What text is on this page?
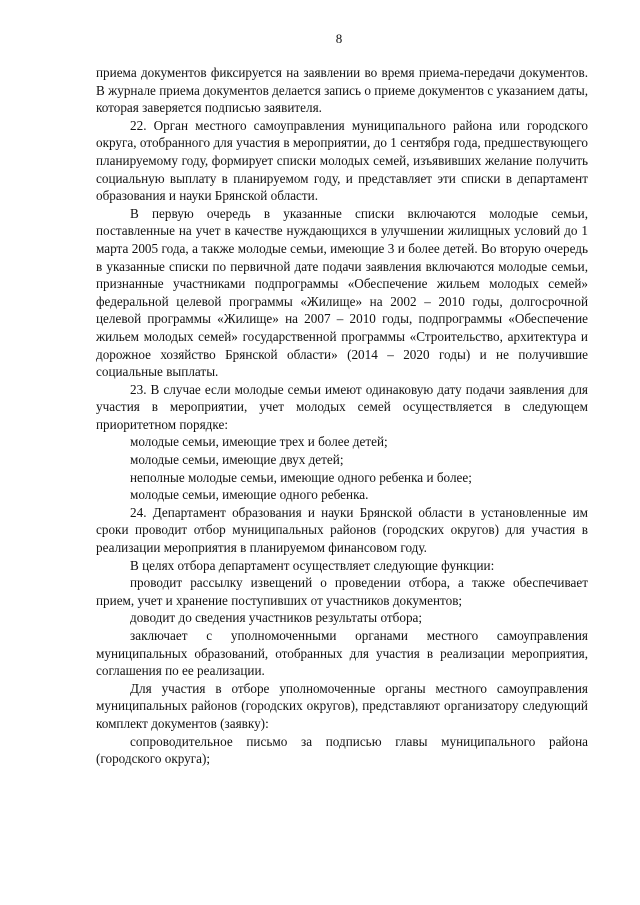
8

приема документов фиксируется на заявлении во время приема-передачи документов. В журнале приема документов делается запись о приеме документов с указанием даты, которая заверяется подписью заявителя.

22. Орган местного самоуправления муниципального района или городского округа, отобранного для участия в мероприятии, до 1 сентября года, предшествующего планируемому году, формирует списки молодых семей, изъявивших желание получить социальную выплату в планируемом году, и представляет эти списки в департамент образования и науки Брянской области.

В первую очередь в указанные списки включаются молодые семьи, поставленные на учет в качестве нуждающихся в улучшении жилищных условий до 1 марта 2005 года, а также молодые семьи, имеющие 3 и более детей. Во вторую очередь в указанные списки по первичной дате подачи заявления включаются молодые семьи, признанные участниками подпрограммы «Обеспечение жильем молодых семей» федеральной целевой программы «Жилище» на 2002 – 2010 годы, долгосрочной целевой программы «Жилище» на 2007 – 2010 годы, подпрограммы «Обеспечение жильем молодых семей» государственной программы «Строительство, архитектура и дорожное хозяйство Брянской области» (2014 – 2020 годы) и не получившие социальные выплаты.

23. В случае если молодые семьи имеют одинаковую дату подачи заявления для участия в мероприятии, учет молодых семей осуществляется в следующем приоритетном порядке:

молодые семьи, имеющие трех и более детей;

молодые семьи, имеющие двух детей;

неполные молодые семьи, имеющие одного ребенка и более;

молодые семьи, имеющие одного ребенка.

24. Департамент образования и науки Брянской области в установленные им сроки проводит отбор муниципальных районов (городских округов) для участия в реализации мероприятия в планируемом финансовом году.

В целях отбора департамент осуществляет следующие функции:

проводит рассылку извещений о проведении отбора, а также обеспечивает прием, учет и хранение поступивших от участников документов;

доводит до сведения участников результаты отбора;

заключает с уполномоченными органами местного самоуправления муниципальных образований, отобранных для участия в реализации мероприятия, соглашения по ее реализации.

Для участия в отборе уполномоченные органы местного самоуправления муниципальных районов (городских округов), представляют организатору следующий комплект документов (заявку):

сопроводительное письмо за подписью главы муниципального района (городского округа);
